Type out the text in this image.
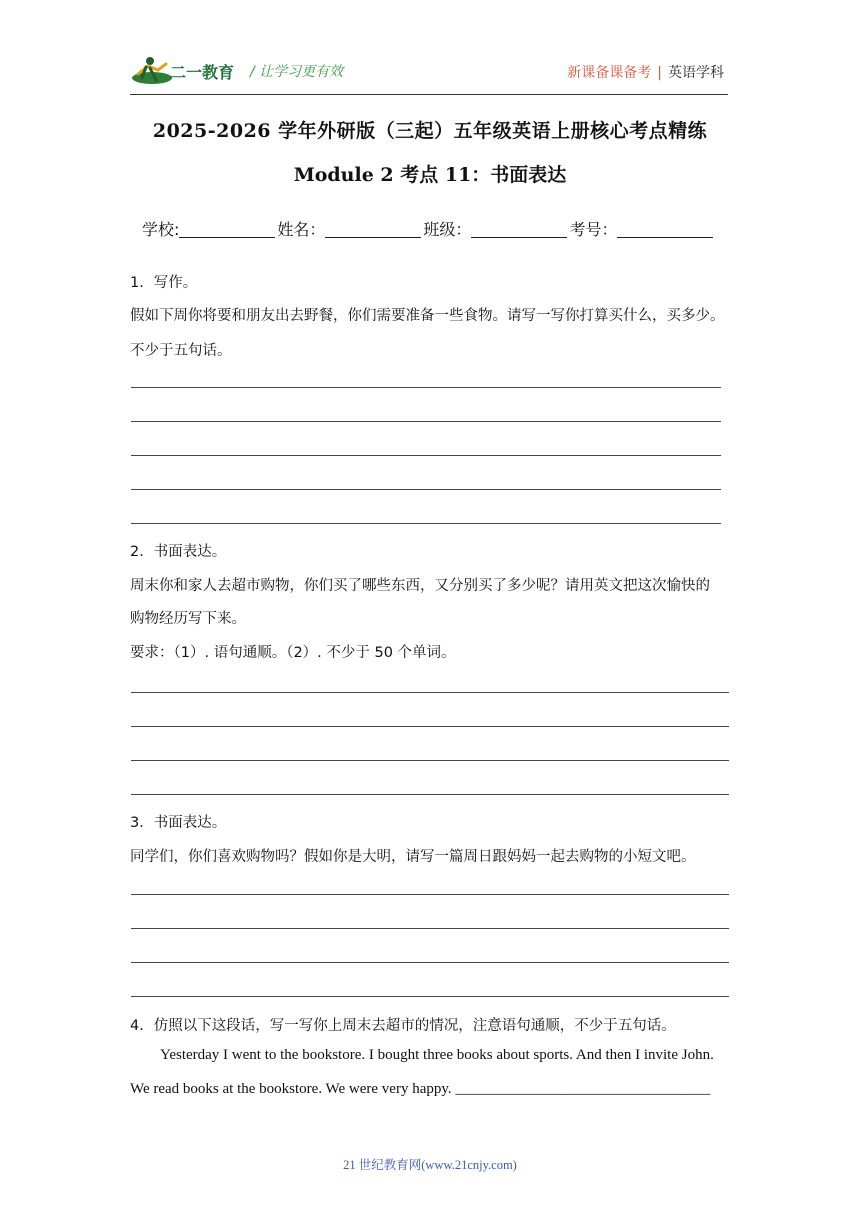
二一教育 / 让学习更有效	新课备课备考 | 英语学科
2025-2026 学年外研版（三起）五年级英语上册核心考点精练
Module 2 考点 11：书面表达
学校:	姓名：	班级：	考号：
1．写作。
假如下周你将要和朋友出去野餐，你们需要准备一些食物。请写一写你打算买什么，买多少。
不少于五句话。
2．书面表达。
周末你和家人去超市购物，你们买了哪些东西，又分别买了多少呢？请用英文把这次愉快的
购物经历写下来。
要求：（1）. 语句通顺。（2）. 不少于 50 个单词。
3．书面表达。
同学们，你们喜欢购物吗？假如你是大明，请写一篇周日跟妈妈一起去购物的小短文吧。
4．仿照以下这段话，写一写你上周末去超市的情况，注意语句通顺，不少于五句话。
Yesterday I went to the bookstore. I bought three books about sports. And then I invite John.
We read books at the bookstore. We were very happy. __________________________________
21 世纪教育网(www.21cnjy.com)
